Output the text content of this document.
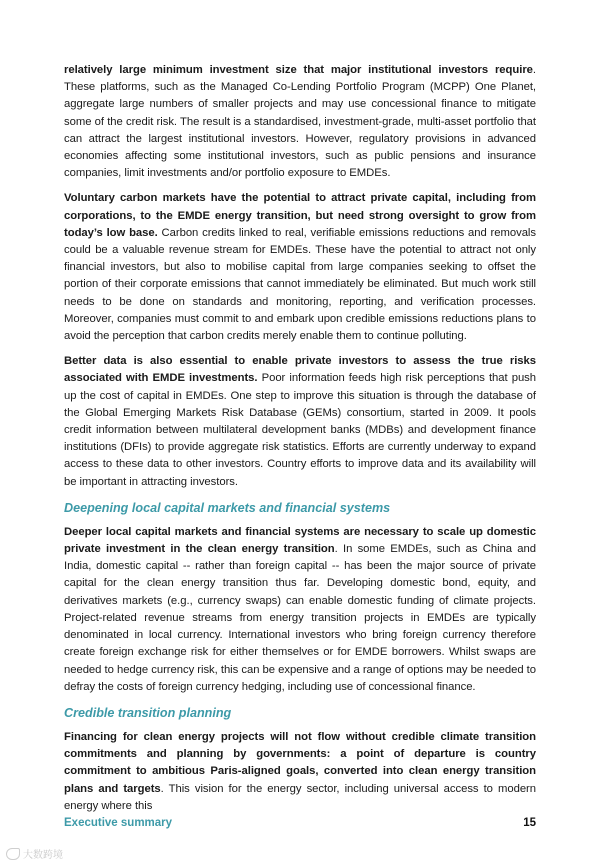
relatively large minimum investment size that major institutional investors require. These platforms, such as the Managed Co-Lending Portfolio Program (MCPP) One Planet, aggregate large numbers of smaller projects and may use concessional finance to mitigate some of the credit risk. The result is a standardised, investment-grade, multi-asset portfolio that can attract the largest institutional investors. However, regulatory provisions in advanced economies affecting some institutional investors, such as public pensions and insurance companies, limit investments and/or portfolio exposure to EMDEs.

Voluntary carbon markets have the potential to attract private capital, including from corporations, to the EMDE energy transition, but need strong oversight to grow from today’s low base. Carbon credits linked to real, verifiable emissions reductions and removals could be a valuable revenue stream for EMDEs. These have the potential to attract not only financial investors, but also to mobilise capital from large companies seeking to offset the portion of their corporate emissions that cannot immediately be eliminated. But much work still needs to be done on standards and monitoring, reporting, and verification processes. Moreover, companies must commit to and embark upon credible emissions reductions plans to avoid the perception that carbon credits merely enable them to continue polluting.

Better data is also essential to enable private investors to assess the true risks associated with EMDE investments. Poor information feeds high risk perceptions that push up the cost of capital in EMDEs. One step to improve this situation is through the database of the Global Emerging Markets Risk Database (GEMs) consortium, started in 2009. It pools credit information between multilateral development banks (MDBs) and development finance institutions (DFIs) to provide aggregate risk statistics. Efforts are currently underway to expand access to these data to other investors. Country efforts to improve data and its availability will be important in attracting investors.

Deepening local capital markets and financial systems

Deeper local capital markets and financial systems are necessary to scale up domestic private investment in the clean energy transition. In some EMDEs, such as China and India, domestic capital -- rather than foreign capital -- has been the major source of private capital for the clean energy transition thus far. Developing domestic bond, equity, and derivatives markets (e.g., currency swaps) can enable domestic funding of climate projects. Project-related revenue streams from energy transition projects in EMDEs are typically denominated in local currency. International investors who bring foreign currency therefore create foreign exchange risk for either themselves or for EMDE borrowers. Whilst swaps are needed to hedge currency risk, this can be expensive and a range of options may be needed to defray the costs of foreign currency hedging, including use of concessional finance.

Credible transition planning

Financing for clean energy projects will not flow without credible climate transition commitments and planning by governments: a point of departure is country commitment to ambitious Paris-aligned goals, converted into clean energy transition plans and targets. This vision for the energy sector, including universal access to modern energy where this

Executive summary	15
大数跨境
